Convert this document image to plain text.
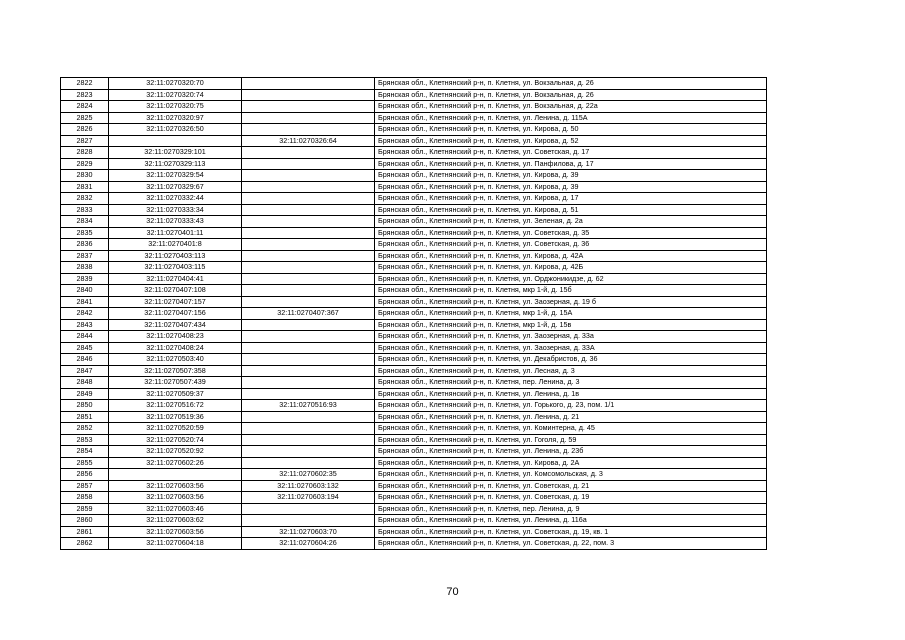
2822	32:11:0270320:70		Брянская обл., Клетнянский р-н, п. Клетня, ул. Вокзальная, д. 26
2823	32:11:0270320:74		Брянская обл., Клетнянский р-н, п. Клетня, ул. Вокзальная, д. 26
2824	32:11:0270320:75		Брянская обл., Клетнянский р-н, п. Клетня, ул. Вокзальная, д. 22а
2825	32:11:0270320:97		Брянская обл., Клетнянский р-н, п. Клетня, ул. Ленина, д. 115А
2826	32:11:0270326:50		Брянская обл., Клетнянский р-н, п. Клетня, ул. Кирова, д. 50
2827		32:11:0270326:64	Брянская обл., Клетнянский р-н, п. Клетня, ул. Кирова, д. 52
2828	32:11:0270329:101		Брянская обл., Клетнянский р-н, п. Клетня, ул. Советская, д. 17
2829	32:11:0270329:113		Брянская обл., Клетнянский р-н, п. Клетня, ул. Панфилова, д. 17
2830	32:11:0270329:54		Брянская обл., Клетнянский р-н, п. Клетня, ул. Кирова, д. 39
2831	32:11:0270329:67		Брянская обл., Клетнянский р-н, п. Клетня, ул. Кирова, д. 39
2832	32:11:0270332:44		Брянская обл., Клетнянский р-н, п. Клетня, ул. Кирова, д. 17
2833	32:11:0270333:34		Брянская обл., Клетнянский р-н, п. Клетня, ул. Кирова, д. 51
2834	32:11:0270333:43		Брянская обл., Клетнянский р-н, п. Клетня, ул. Зеленая, д. 2а
2835	32:11:0270401:11		Брянская обл., Клетнянский р-н, п. Клетня, ул. Советская, д. 35
2836	32:11:0270401:8		Брянская обл., Клетнянский р-н, п. Клетня, ул. Советская, д. 36
2837	32:11:0270403:113		Брянская обл., Клетнянский р-н, п. Клетня, ул. Кирова, д. 42А
2838	32:11:0270403:115		Брянская обл., Клетнянский р-н, п. Клетня, ул. Кирова, д. 42Б
2839	32:11:0270404:41		Брянская обл., Клетнянский р-н, п. Клетня, ул. Орджоникидзе, д. 62
2840	32:11:0270407:108		Брянская обл., Клетнянский р-н, п. Клетня, мкр 1-й, д. 15б
2841	32:11:0270407:157		Брянская обл., Клетнянский р-н, п. Клетня, ул. Заозерная, д. 19 б
2842	32:11:0270407:156	32:11:0270407:367	Брянская обл., Клетнянский р-н, п. Клетня, мкр 1-й, д. 15А
2843	32:11:0270407:434		Брянская обл., Клетнянский р-н, п. Клетня, мкр 1-й, д. 15в
2844	32:11:0270408:23		Брянская обл., Клетнянский р-н, п. Клетня, ул. Заозерная, д. 33а
2845	32:11:0270408:24		Брянская обл., Клетнянский р-н, п. Клетня, ул. Заозерная, д. 33А
2846	32:11:0270503:40		Брянская обл., Клетнянский р-н, п. Клетня, ул. Декабристов, д. 36
2847	32:11:0270507:358		Брянская обл., Клетнянский р-н, п. Клетня, ул. Лесная, д. 3
2848	32:11:0270507:439		Брянская обл., Клетнянский р-н, п. Клетня, пер. Ленина, д. 3
2849	32:11:0270509:37		Брянская обл., Клетнянский р-н, п. Клетня, ул. Ленина, д. 1в
2850	32:11:0270516:72	32:11:0270516:93	Брянская обл., Клетнянский р-н, п. Клетня, ул. Горького, д. 23, пом. 1/1
2851	32:11:0270519:36		Брянская обл., Клетнянский р-н, п. Клетня, ул. Ленина, д. 21
2852	32:11:0270520:59		Брянская обл., Клетнянский р-н, п. Клетня, ул. Коминтерна, д. 45
2853	32:11:0270520:74		Брянская обл., Клетнянский р-н, п. Клетня, ул. Гоголя, д. 59
2854	32:11:0270520:92		Брянская обл., Клетнянский р-н, п. Клетня, ул. Ленина, д. 23б
2855	32:11:0270602:26		Брянская обл., Клетнянский р-н, п. Клетня, ул. Кирова, д. 2А
2856		32:11:0270602:35	Брянская обл., Клетнянский р-н, п. Клетня, ул. Комсомольская, д. 3
2857	32:11:0270603:56	32:11:0270603:132	Брянская обл., Клетнянский р-н, п. Клетня, ул. Советская, д. 21
2858	32:11:0270603:56	32:11:0270603:194	Брянская обл., Клетнянский р-н, п. Клетня, ул. Советская, д. 19
2859	32:11:0270603:46		Брянская обл., Клетнянский р-н, п. Клетня, пер. Ленина, д. 9
2860	32:11:0270603:62		Брянская обл., Клетнянский р-н, п. Клетня, ул. Ленина, д. 116а
2861	32:11:0270603:56	32:11:0270603:70	Брянская обл., Клетнянский р-н, п. Клетня, ул. Советская, д. 19, кв. 1
2862	32:11:0270604:18	32:11:0270604:26	Брянская обл., Клетнянский р-н, п. Клетня, ул. Советская, д. 22, пом. 3
70
